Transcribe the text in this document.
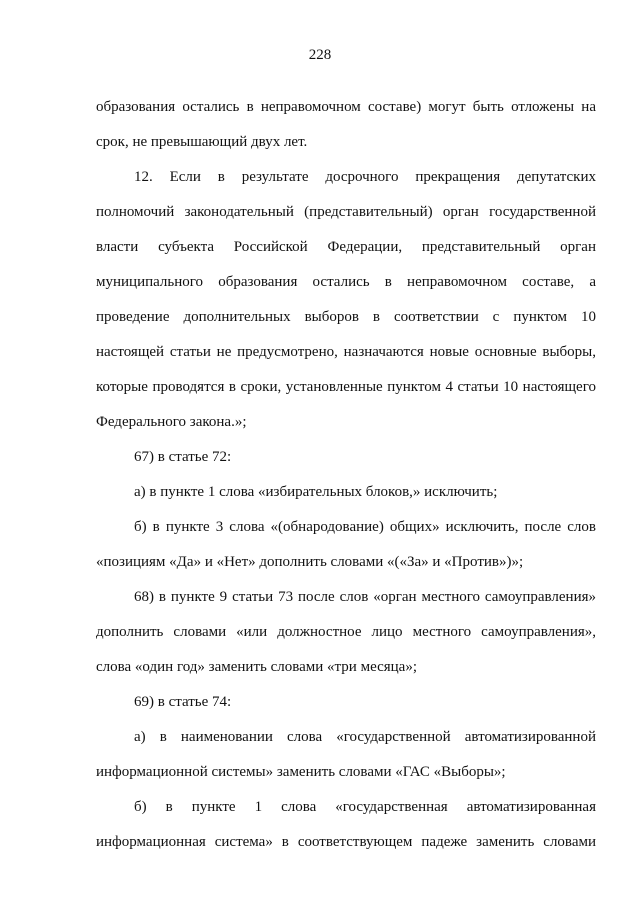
228
образования остались в неправомочном составе) могут быть отложены на
срок, не превышающий двух лет.
12. Если в результате досрочного прекращения депутатских
полномочий законодательный (представительный) орган государственной
власти субъекта Российской Федерации, представительный орган
муниципального образования остались в неправомочном составе, а
проведение дополнительных выборов в соответствии с пунктом 10
настоящей статьи не предусмотрено, назначаются новые основные выборы,
которые проводятся в сроки, установленные пунктом 4 статьи 10 настоящего
Федерального закона.»;
67) в статье 72:
а) в пункте 1 слова «избирательных блоков,» исключить;
б) в пункте 3 слова «(обнародование) общих» исключить, после слов
«позициям «Да» и «Нет» дополнить словами «(«За» и «Против»)»;
68) в пункте 9 статьи 73 после слов «орган местного самоуправления»
дополнить словами «или должностное лицо местного самоуправления»,
слова «один год» заменить словами «три месяца»;
69) в статье 74:
а) в наименовании слова «государственной автоматизированной
информационной системы» заменить словами «ГАС «Выборы»;
б) в пункте 1 слова «государственная автоматизированная
информационная система» в соответствующем падеже заменить словами
